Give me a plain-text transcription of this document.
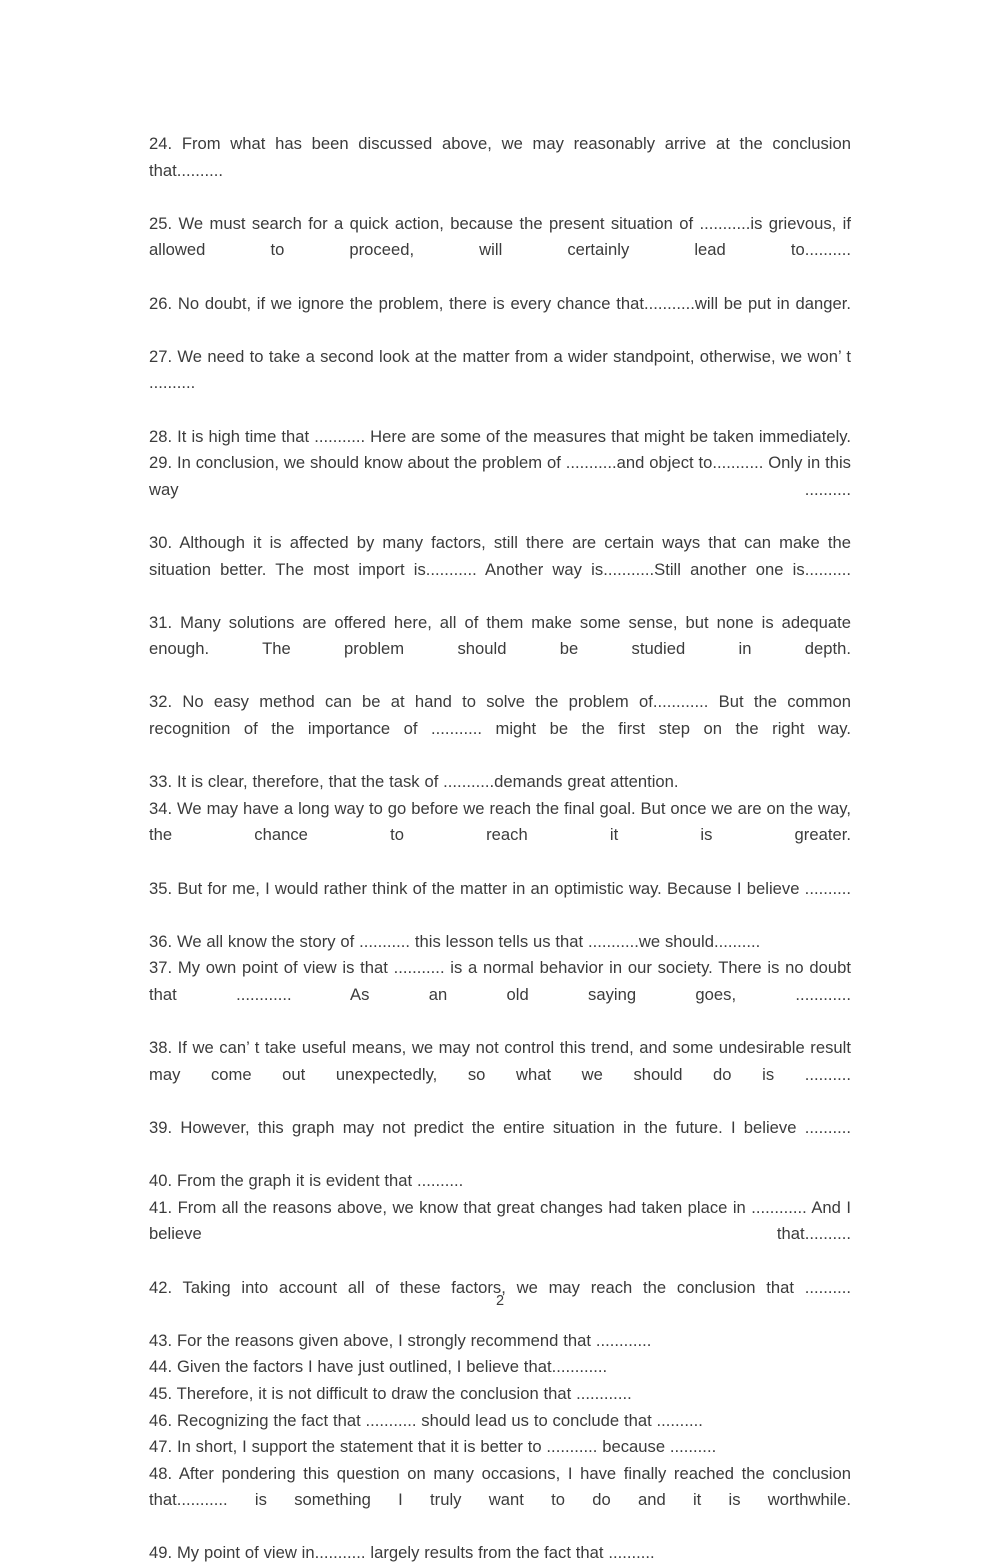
24. From what has been discussed above, we may reasonably arrive at the conclusion that..........

25. We must search for a quick action, because the present situation of ...........is grievous, if allowed to proceed, will certainly lead to..........

26. No doubt, if we ignore the problem, there is every chance that...........will be put in danger.

27. We need to take a second look at the matter from a wider standpoint, otherwise, we won’ t ..........

28. It is high time that ........... Here are some of the measures that might be taken immediately. 29. In conclusion, we should know about the problem of ...........and object to........... Only in this way ..........

30. Although it is affected by many factors, still there are certain ways that can make the situation better. The most import is........... Another way is...........Still another one is..........

31. Many solutions are offered here, all of them make some sense, but none is adequate enough. The problem should be studied in depth.

32. No easy method can be at hand to solve the problem of............ But the common recognition of the importance of ........... might be the first step on the right way.

33. It is clear, therefore, that the task of ...........demands great attention.

34. We may have a long way to go before we reach the final goal. But once we are on the way, the chance to reach it is greater.

35. But for me, I would rather think of the matter in an optimistic way. Because I believe ..........

36. We all know the story of ........... this lesson tells us that ...........we should..........

37. My own point of view is that ........... is a normal behavior in our society. There is no doubt that ............ As an old saying goes, ............

38. If we can’ t take useful means, we may not control this trend, and some undesirable result may come out unexpectedly, so what we should do is ..........

39. However, this graph may not predict the entire situation in the future. I believe ..........

40. From the graph it is evident that ..........

41. From all the reasons above, we know that great changes had taken place in ............ And I believe that..........

42. Taking into account all of these factors, we may reach the conclusion that ..........

43. For the reasons given above, I strongly recommend that ............

44. Given the factors I have just outlined, I believe that............

45. Therefore, it is not difficult to draw the conclusion that ............

46. Recognizing the fact that ........... should lead us to conclude that ..........

47. In short, I support the statement that it is better to ........... because ..........

48. After pondering this question on many occasions, I have finally reached the conclusion that........... is something I truly want to do and it is worthwhile.

49. My point of view in........... largely results from the fact that ..........

2
